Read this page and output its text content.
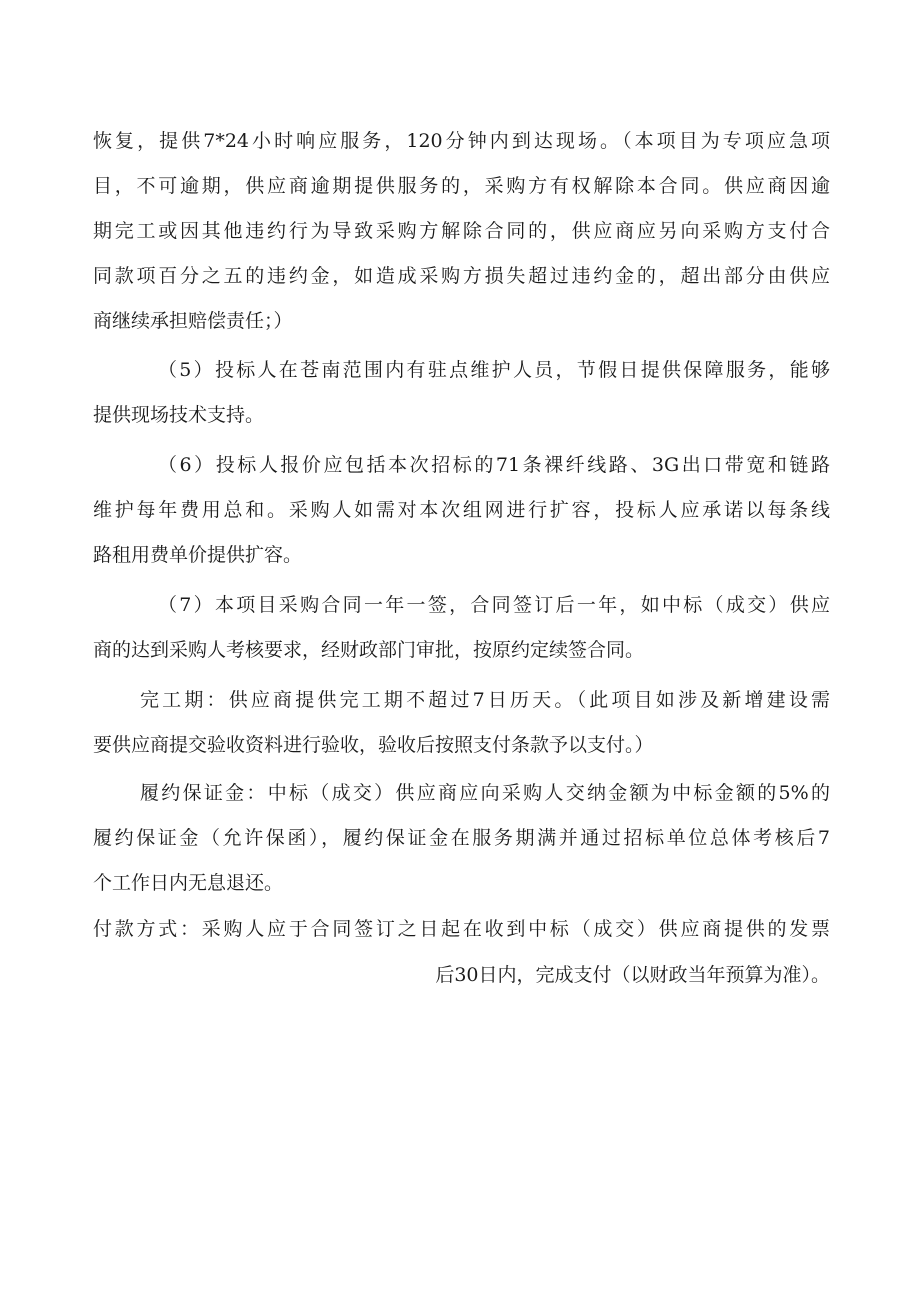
恢复，提供7*24小时响应服务，120分钟内到达现场。（本项目为专项应急项
目，不可逾期，供应商逾期提供服务的，采购方有权解除本合同。供应商因逾
期完工或因其他违约行为导致采购方解除合同的，供应商应另向采购方支付合
同款项百分之五的违约金，如造成采购方损失超过违约金的，超出部分由供应
商继续承担赔偿责任；）
（5）投标人在苍南范围内有驻点维护人员，节假日提供保障服务，能够
提供现场技术支持。
（6）投标人报价应包括本次招标的71条裸纤线路、3G出口带宽和链路
维护每年费用总和。采购人如需对本次组网进行扩容，投标人应承诺以每条线
路租用费单价提供扩容。
（7）本项目采购合同一年一签，合同签订后一年，如中标（成交）供应
商的达到采购人考核要求，经财政部门审批，按原约定续签合同。
完工期：供应商提供完工期不超过7日历天。（此项目如涉及新增建设需
要供应商提交验收资料进行验收，验收后按照支付条款予以支付。）
履约保证金：中标（成交）供应商应向采购人交纳金额为中标金额的5%的
履约保证金（允许保函），履约保证金在服务期满并通过招标单位总体考核后7
个工作日内无息退还。
付款方式：采购人应于合同签订之日起在收到中标（成交）供应商提供的发票
后30日内，完成支付（以财政当年预算为准）。
